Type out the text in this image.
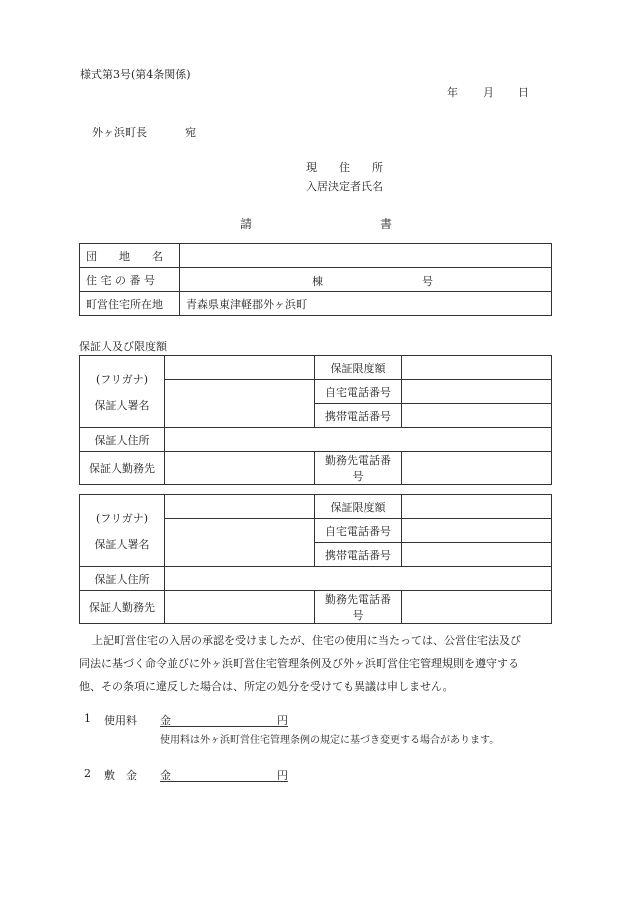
様式第3号(第4条関係)
年 月 日
外ヶ浜町長	宛
現　　住　　所
入居決定者氏名
請	書
団　　地　　名	
住 宅 の 番 号	棟 号

町営住宅所在地	青森県東津軽郡外ヶ浜町
保証人及び限度額
(フリガナ)
保証人署名		保証限度額	
		自宅電話番号	
		携帯電話番号	
保証人住所			
保証人勤務先		勤務先電話番号	
(フリガナ)
保証人署名		保証限度額	
		自宅電話番号	
		携帯電話番号	
保証人住所			
保証人勤務先		勤務先電話番号	
上記町営住宅の入居の承認を受けましたが、住宅の使用に当たっては、公営住宅法及び
同法に基づく命令並びに外ヶ浜町営住宅管理条例及び外ヶ浜町営住宅管理規則を遵守する
他、その条項に違反した場合は、所定の処分を受けても異議は申しません。
1 使用料 金	円
使用料は外ヶ浜町営住宅管理条例の規定に基づき変更する場合があります。
2 敷　金 金	円
